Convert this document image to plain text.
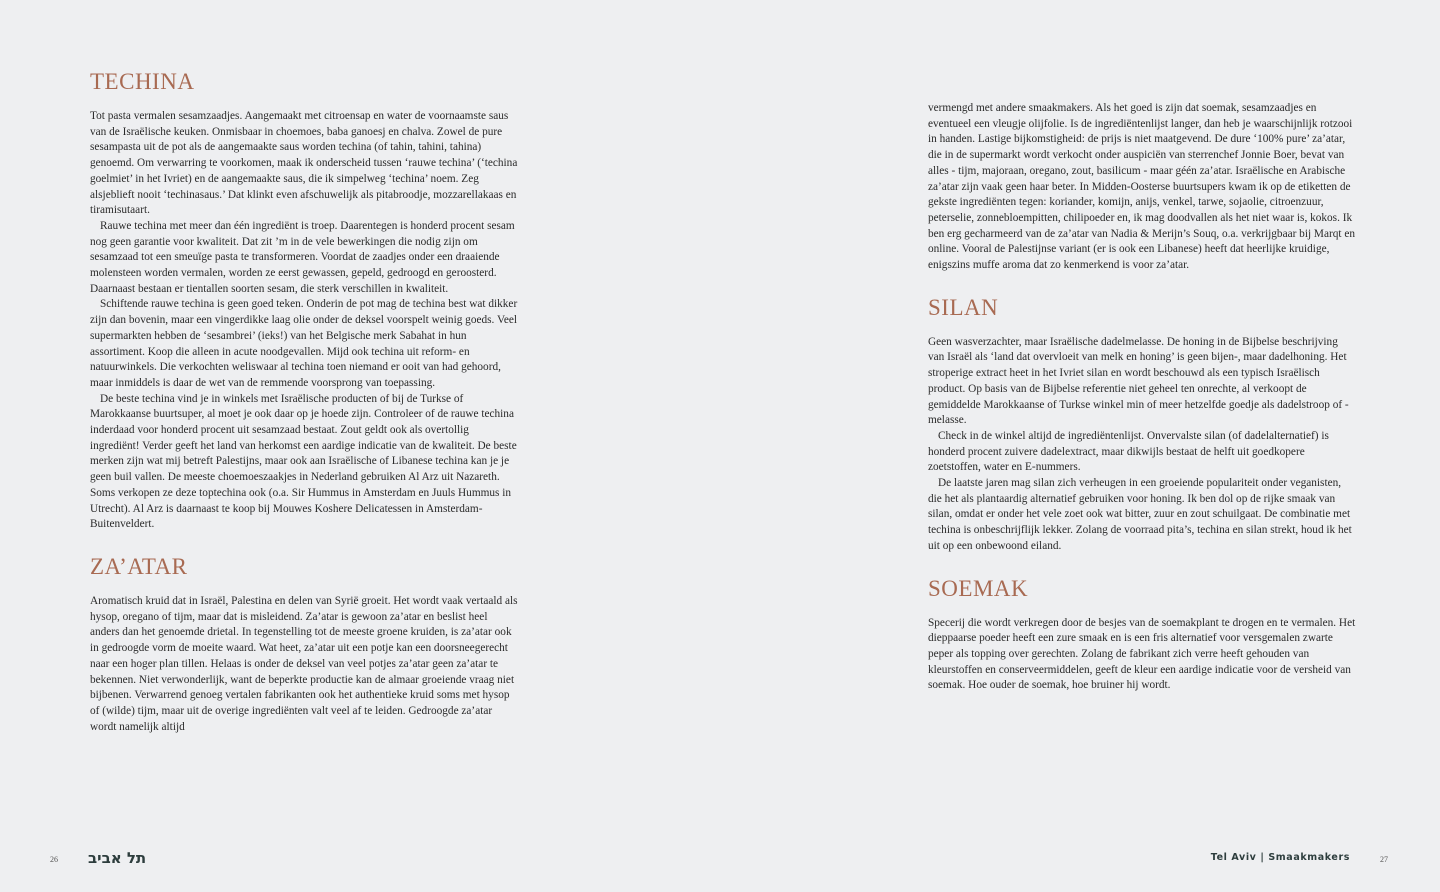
TECHINA

Tot pasta vermalen sesamzaadjes. Aangemaakt met citroensap en water de voornaamste saus van de Israëlische keuken. Onmisbaar in choemoes, baba ganoesj en chalva. Zowel de pure sesampasta uit de pot als de aangemaakte saus worden techina (of tahin, tahini, tahina) genoemd. Om verwarring te voorkomen, maak ik onderscheid tussen ‘rauwe techina’ (‘techina goelmiet’ in het Ivriet) en de aangemaakte saus, die ik simpelweg ‘techina’ noem. Zeg alsjeblieft nooit ‘techinasaus.’ Dat klinkt even afschuwelijk als pitabroodje, mozzarellakaas en tiramisutaart.

Rauwe techina met meer dan één ingrediënt is troep. Daarentegen is honderd procent sesam nog geen garantie voor kwaliteit. Dat zit ’m in de vele bewerkingen die nodig zijn om sesamzaad tot een smeuïge pasta te transformeren. Voordat de zaadjes onder een draaiende molensteen worden vermalen, worden ze eerst gewassen, gepeld, gedroogd en geroosterd. Daarnaast bestaan er tientallen soorten sesam, die sterk verschillen in kwaliteit.

Schiftende rauwe techina is geen goed teken. Onderin de pot mag de techina best wat dikker zijn dan bovenin, maar een vingerdikke laag olie onder de deksel voorspelt weinig goeds. Veel supermarkten hebben de ‘sesambrei’ (ieks!) van het Belgische merk Sabahat in hun assortiment. Koop die alleen in acute noodgevallen. Mijd ook techina uit reform- en natuurwinkels. Die verkochten weliswaar al techina toen niemand er ooit van had gehoord, maar inmiddels is daar de wet van de remmende voorsprong van toepassing.

De beste techina vind je in winkels met Israëlische producten of bij de Turkse of Marokkaanse buurtsuper, al moet je ook daar op je hoede zijn. Controleer of de rauwe techina inderdaad voor honderd procent uit sesamzaad bestaat. Zout geldt ook als overtollig ingrediënt! Verder geeft het land van herkomst een aardige indicatie van de kwaliteit. De beste merken zijn wat mij betreft Palestijns, maar ook aan Israëlische of Libanese techina kan je je geen buil vallen. De meeste choemoeszaakjes in Nederland gebruiken Al Arz uit Nazareth. Soms verkopen ze deze toptechina ook (o.a. Sir Hummus in Amsterdam en Juuls Hummus in Utrecht). Al Arz is daarnaast te koop bij Mouwes Koshere Delicatessen in Amsterdam-Buitenveldert.

ZA’ATAR

Aromatisch kruid dat in Israël, Palestina en delen van Syrië groeit. Het wordt vaak vertaald als hysop, oregano of tijm, maar dat is misleidend. Za’atar is gewoon za’atar en beslist heel anders dan het genoemde drietal. In tegenstelling tot de meeste groene kruiden, is za’atar ook in gedroogde vorm de moeite waard. Wat heet, za’atar uit een potje kan een doorsneegerecht naar een hoger plan tillen. Helaas is onder de deksel van veel potjes za’atar geen za’atar te bekennen. Niet verwonderlijk, want de beperkte productie kan de almaar groeiende vraag niet bijbenen. Verwarrend genoeg vertalen fabrikanten ook het authentieke kruid soms met hysop of (wilde) tijm, maar uit de overige ingrediënten valt veel af te leiden. Gedroogde za’atar wordt namelijk altijd

26 תל אביב

vermengd met andere smaakmakers. Als het goed is zijn dat soemak, sesamzaadjes en eventueel een vleugje olijfolie. Is de ingrediëntenlijst langer, dan heb je waarschijnlijk rotzooi in handen. Lastige bijkomstigheid: de prijs is niet maatgevend. De dure ‘100% pure’ za’atar, die in de supermarkt wordt verkocht onder auspiciën van sterrenchef Jonnie Boer, bevat van alles - tijm, majoraan, oregano, zout, basilicum - maar géén za’atar. Israëlische en Arabische za’atar zijn vaak geen haar beter. In Midden-Oosterse buurtsupers kwam ik op de etiketten de gekste ingrediënten tegen: koriander, komijn, anijs, venkel, tarwe, sojaolie, citroenzuur, peterselie, zonnebloempitten, chilipoeder en, ik mag doodvallen als het niet waar is, kokos. Ik ben erg gecharmeerd van de za’atar van Nadia & Merijn’s Souq, o.a. verkrijgbaar bij Marqt en online. Vooral de Palestijnse variant (er is ook een Libanese) heeft dat heerlijke kruidige, enigszins muffe aroma dat zo kenmerkend is voor za’atar.

SILAN

Geen wasverzachter, maar Israëlische dadelmelasse. De honing in de Bijbelse beschrijving van Israël als ‘land dat overvloeit van melk en honing’ is geen bijen-, maar dadelhoning. Het stroperige extract heet in het Ivriet silan en wordt beschouwd als een typisch Israëlisch product. Op basis van de Bijbelse referentie niet geheel ten onrechte, al verkoopt de gemiddelde Marokkaanse of Turkse winkel min of meer hetzelfde goedje als dadelstroop of -melasse.

Check in de winkel altijd de ingrediëntenlijst. Onvervalste silan (of dadelalternatief) is honderd procent zuivere dadelextract, maar dikwijls bestaat de helft uit goedkopere zoetstoffen, water en E-nummers.

De laatste jaren mag silan zich verheugen in een groeiende populariteit onder veganisten, die het als plantaardig alternatief gebruiken voor honing. Ik ben dol op de rijke smaak van silan, omdat er onder het vele zoet ook wat bitter, zuur en zout schuilgaat. De combinatie met techina is onbeschrijflijk lekker. Zolang de voorraad pita’s, techina en silan strekt, houd ik het uit op een onbewoond eiland.

SOEMAK

Specerij die wordt verkregen door de besjes van de soemakplant te drogen en te vermalen. Het dieppaarse poeder heeft een zure smaak en is een fris alternatief voor versgemalen zwarte peper als topping over gerechten. Zolang de fabrikant zich verre heeft gehouden van kleurstoffen en conserveermiddelen, geeft de kleur een aardige indicatie voor de versheid van soemak. Hoe ouder de soemak, hoe bruiner hij wordt.

Tel Aviv | Smaakmakers	27
